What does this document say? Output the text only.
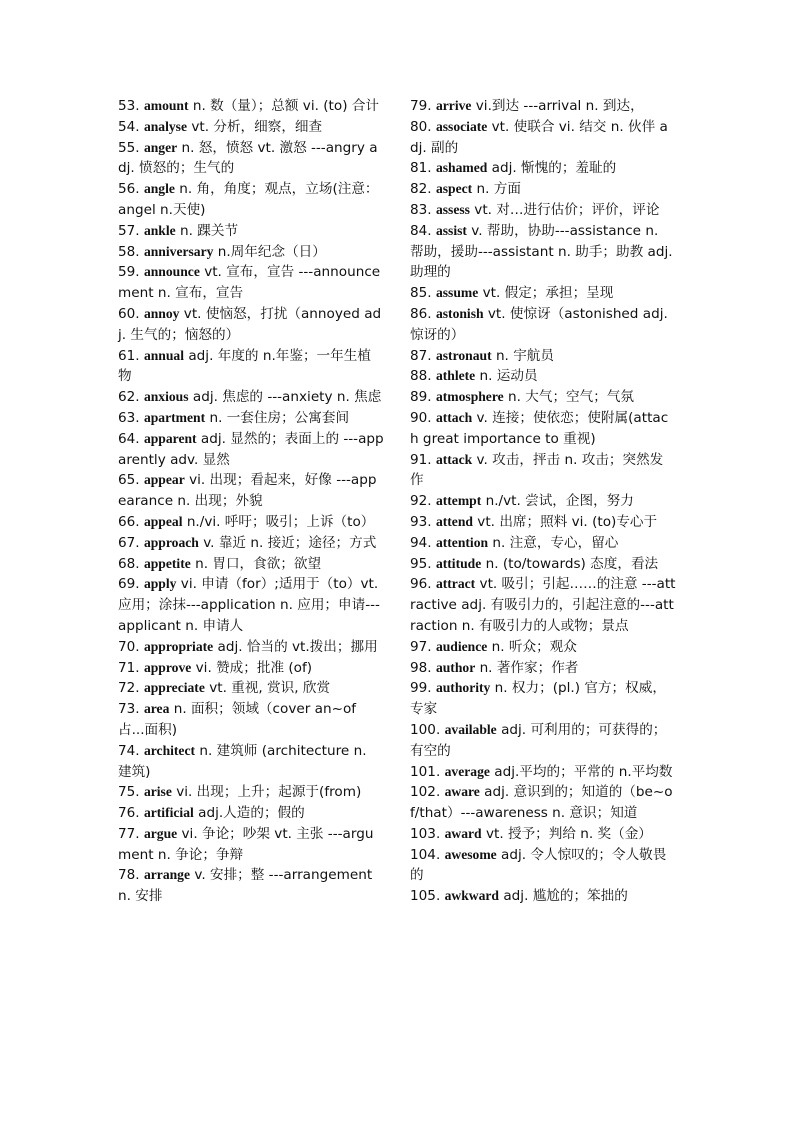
53. amount n. 数（量）；总额 vi. (to) 合计
54. analyse vt. 分析，细察，细查
55. anger n. 怒，愤怒 vt. 激怒 ---angry adj. 愤怒的；生气的
56. angle n. 角，角度；观点，立场(注意：angel n.天使)
57. ankle n. 踝关节
58. anniversary n.周年纪念（日）
59. announce vt. 宣布，宣告 ---announcement n. 宣布，宣告
60. annoy vt. 使恼怒，打扰（annoyed adj. 生气的；恼怒的）
61. annual adj. 年度的 n.年鉴；一年生植物
62. anxious adj. 焦虑的 ---anxiety n. 焦虑
63. apartment n. 一套住房；公寓套间
64. apparent adj. 显然的；表面上的 ---apparently adv. 显然
65. appear vi. 出现；看起来，好像 ---appearance n. 出现；外貌
66. appeal n./vi. 呼吁；吸引；上诉（to）
67. approach v. 靠近 n. 接近；途径；方式
68. appetite n. 胃口，食欲；欲望
69. apply vi. 申请（for）;适用于（to）vt. 应用；涂抹---application n. 应用；申请---applicant n. 申请人
70. appropriate adj. 恰当的 vt.拨出；挪用
71. approve vi. 赞成；批准 (of)
72. appreciate vt. 重视, 赏识, 欣赏
73. area n. 面积；领域（cover an~of 占...面积)
74. architect n. 建筑师 (architecture n. 建筑)
75. arise vi. 出现；上升；起源于(from)
76. artificial adj.人造的；假的
77. argue vi. 争论；吵架 vt. 主张 ---argument n. 争论；争辩
78. arrange v. 安排；整 ---arrangement n. 安排
79. arrive vi.到达 ---arrival n. 到达，
80. associate vt. 使联合 vi. 结交 n. 伙伴 adj. 副的
81. ashamed adj. 惭愧的；羞耻的
82. aspect n. 方面
83. assess vt. 对…进行估价；评价，评论
84. assist v. 帮助，协助---assistance n. 帮助，援助---assistant n. 助手；助教 adj. 助理的
85. assume vt. 假定；承担；呈现
86. astonish vt. 使惊讶（astonished adj. 惊讶的）
87. astronaut n. 宇航员
88. athlete n. 运动员
89. atmosphere n. 大气；空气；气氛
90. attach v. 连接；使依恋；使附属(attach great importance to 重视)
91. attack v. 攻击，抨击 n. 攻击；突然发作
92. attempt n./vt. 尝试，企图，努力
93. attend vt. 出席；照料 vi. (to)专心于
94. attention n. 注意，专心，留心
95. attitude n. (to/towards) 态度，看法
96. attract vt. 吸引；引起……的注意 ---attractive adj. 有吸引力的，引起注意的---attraction n. 有吸引力的人或物；景点
97. audience n. 听众；观众
98. author n. 著作家；作者
99. authority n. 权力；(pl.) 官方；权威，专家
100. available adj. 可利用的；可获得的；有空的
101. average adj.平均的；平常的 n.平均数
102. aware adj. 意识到的；知道的（be~of/that）---awareness n. 意识；知道
103. award vt. 授予；判给 n. 奖（金）
104. awesome adj. 令人惊叹的；令人敬畏的
105. awkward adj. 尴尬的；笨拙的
